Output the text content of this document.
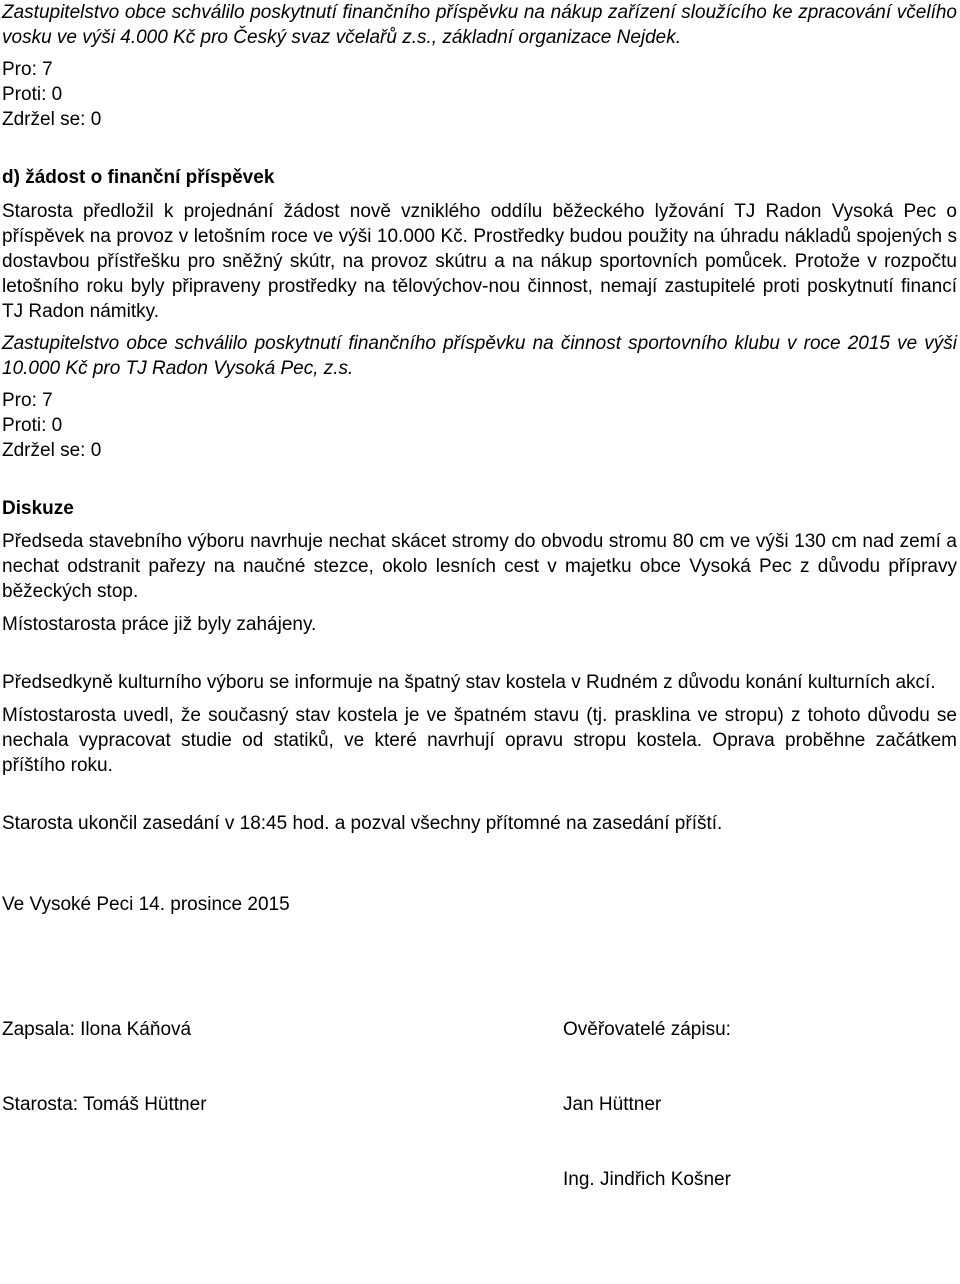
Zastupitelstvo obce schválilo poskytnutí finančního příspěvku na nákup zařízení sloužícího ke zpracování včelího vosku ve výši 4.000 Kč pro Český svaz včelařů z.s., základní organizace Nejdek.

Pro: 7

Proti: 0

Zdržel se: 0

d) žádost o finanční příspěvek

Starosta předložil k projednání žádost nově vzniklého oddílu běžeckého lyžování TJ Radon Vysoká Pec o příspěvek na provoz v letošním roce ve výši 10.000 Kč. Prostředky budou použity na úhradu nákladů spojených s dostavbou přístřešku pro sněžný skútr, na provoz skútru a na nákup sportovních pomůcek. Protože v rozpočtu letošního roku byly připraveny prostředky na tělovýchov-nou činnost, nemají zastupitelé proti poskytnutí financí TJ Radon námitky.

Zastupitelstvo obce schválilo poskytnutí finančního příspěvku na činnost sportovního klubu v roce 2015 ve výši 10.000 Kč pro TJ Radon Vysoká Pec, z.s.

Pro: 7

Proti: 0

Zdržel se: 0

Diskuze

Předseda stavebního výboru navrhuje nechat skácet stromy do obvodu stromu 80 cm ve výši 130 cm nad zemí a nechat odstranit pařezy na naučné stezce, okolo lesních cest v majetku obce Vysoká Pec z důvodu přípravy běžeckých stop.

Místostarosta práce již byly zahájeny.

Předsedkyně kulturního výboru se informuje na špatný stav kostela v Rudném z důvodu konání kulturních akcí.

Místostarosta uvedl, že současný stav kostela je ve špatném stavu (tj. prasklina ve stropu) z tohoto důvodu se nechala vypracovat studie od statiků, ve které navrhují opravu stropu kostela. Oprava proběhne začátkem příštího roku.

Starosta ukončil zasedání v 18:45 hod. a pozval všechny přítomné na zasedání příští.

Ve Vysoké Peci 14. prosince 2015

Zapsala: Ilona Káňová	Ověřovatelé zápisu:
Starosta: Tomáš Hüttner	Jan Hüttner
Ing. Jindřich Košner
